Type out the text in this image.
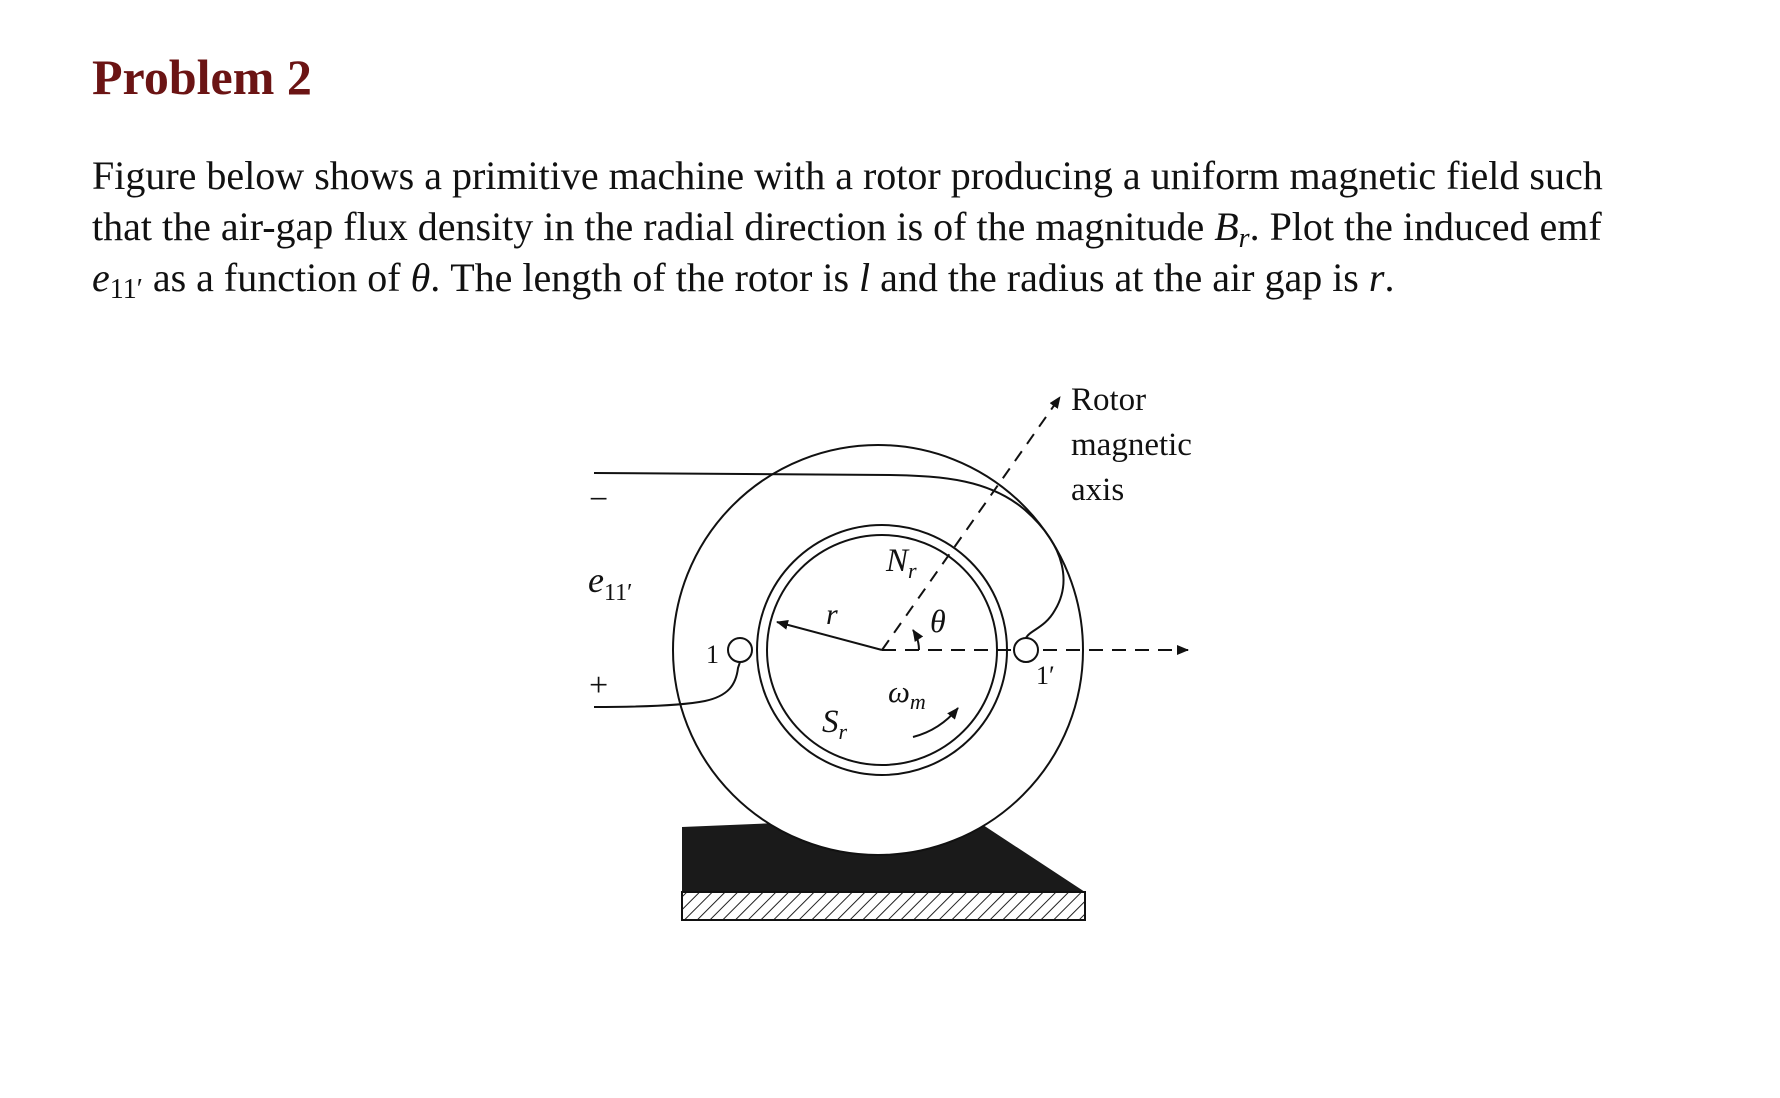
Problem 2

Figure below shows a primitive machine with a rotor producing a uniform magnetic field such
that the air-gap flux density in the radial direction is of the magnitude $B_r$. Plot the induced emf
$e_{11'}$ as a function of θ. The length of the rotor is l and the radius at the air gap is r.

Rotor
magnetic
axis
−
$e_{11'}$
+
1
1′
r	θ
$N_r$
$S_r$
$\omega_m$
